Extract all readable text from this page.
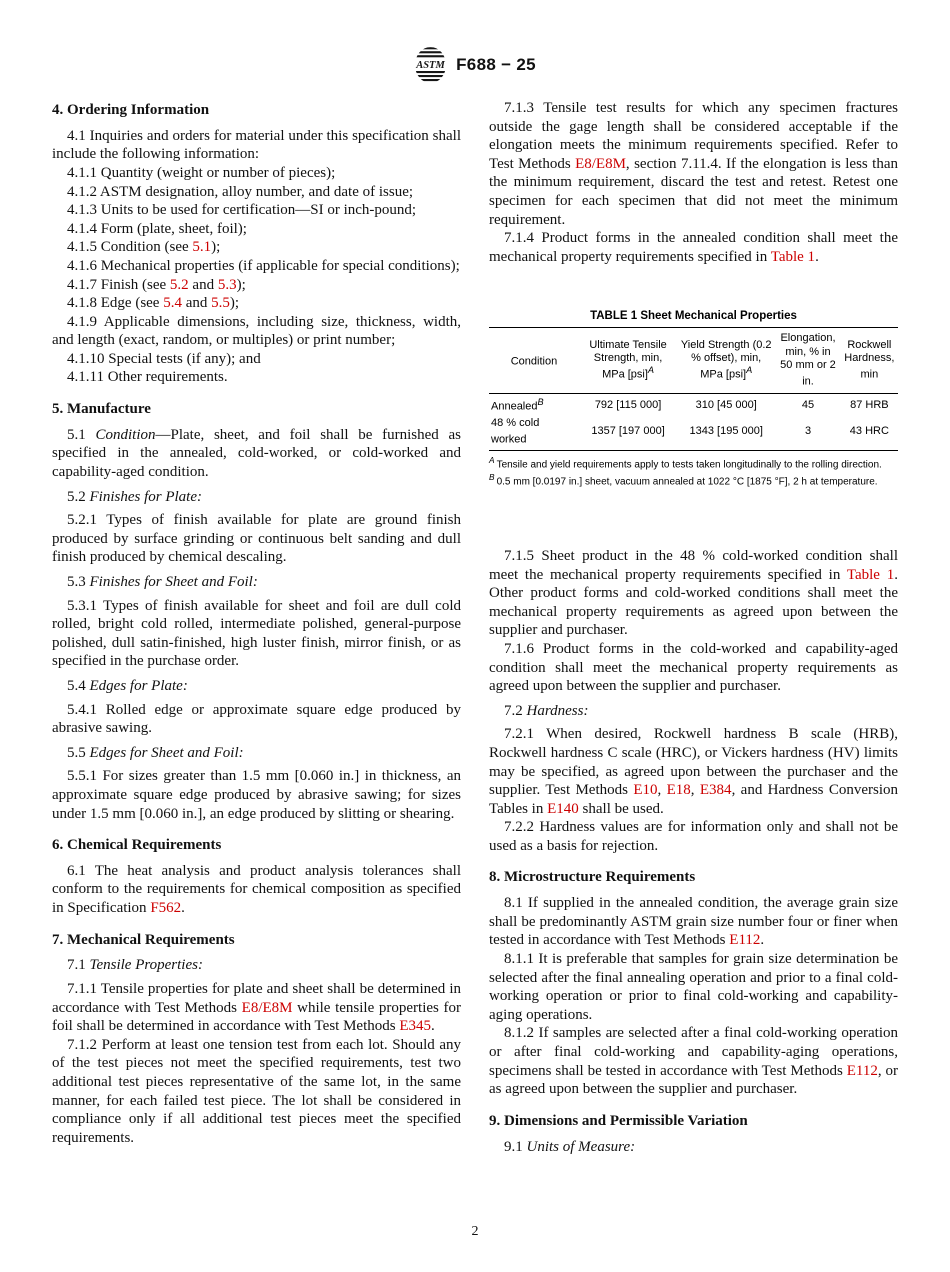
ASTM F688 − 25
4. Ordering Information

4.1 Inquiries and orders for material under this specification shall include the following information:

4.1.1 Quantity (weight or number of pieces);

4.1.2 ASTM designation, alloy number, and date of issue;

4.1.3 Units to be used for certification—SI or inch-pound;

4.1.4 Form (plate, sheet, foil);

4.1.5 Condition (see 5.1);

4.1.6 Mechanical properties (if applicable for special conditions);

4.1.7 Finish (see 5.2 and 5.3);

4.1.8 Edge (see 5.4 and 5.5);

4.1.9 Applicable dimensions, including size, thickness, width, and length (exact, random, or multiples) or print number;

4.1.10 Special tests (if any); and

4.1.11 Other requirements.

5. Manufacture

5.1 Condition—Plate, sheet, and foil shall be furnished as specified in the annealed, cold-worked, or cold-worked and capability-aged condition.

5.2 Finishes for Plate:

5.2.1 Types of finish available for plate are ground finish produced by surface grinding or continuous belt sanding and dull finish produced by chemical descaling.

5.3 Finishes for Sheet and Foil:

5.3.1 Types of finish available for sheet and foil are dull cold rolled, bright cold rolled, intermediate polished, general-purpose polished, dull satin-finished, high luster finish, mirror finish, or as specified in the purchase order.

5.4 Edges for Plate:

5.4.1 Rolled edge or approximate square edge produced by abrasive sawing.

5.5 Edges for Sheet and Foil:

5.5.1 For sizes greater than 1.5 mm [0.060 in.] in thickness, an approximate square edge produced by abrasive sawing; for sizes under 1.5 mm [0.060 in.], an edge produced by slitting or shearing.

6. Chemical Requirements

6.1 The heat analysis and product analysis tolerances shall conform to the requirements for chemical composition as specified in Specification F562.

7. Mechanical Requirements

7.1 Tensile Properties:

7.1.1 Tensile properties for plate and sheet shall be determined in accordance with Test Methods E8/E8M while tensile properties for foil shall be determined in accordance with Test Methods E345.

7.1.2 Perform at least one tension test from each lot. Should any of the test pieces not meet the specified requirements, test two additional test pieces representative of the same lot, in the same manner, for each failed test piece. The lot shall be considered in compliance only if all additional test pieces meet the specified requirements.

7.1.3 Tensile test results for which any specimen fractures outside the gage length shall be considered acceptable if the elongation meets the minimum requirements specified. Refer to Test Methods E8/E8M, section 7.11.4. If the elongation is less than the minimum requirement, discard the test and retest. Retest one specimen for each specimen that did not meet the minimum requirement.

7.1.4 Product forms in the annealed condition shall meet the mechanical property requirements specified in Table 1.

TABLE 1 Sheet Mechanical Properties
Condition	Ultimate Tensile Strength, min, MPa [psi]$^A$	Yield Strength (0.2 % offset), min, MPa [psi]$^A$	Elongation, min, % in 50 mm or 2 in.	Rockwell Hardness, min
Annealed$^B$	792 [115 000]	310 [45 000]	45	87 HRB
48 % cold worked	1357 [197 000]	1343 [195 000]	3	43 HRC
$^A$ Tensile and yield requirements apply to tests taken longitudinally to the rolling direction.
$^B$ 0.5 mm [0.0197 in.] sheet, vacuum annealed at 1022 °C [1875 °F], 2 h at temperature.

7.1.5 Sheet product in the 48 % cold-worked condition shall meet the mechanical property requirements specified in Table 1. Other product forms and cold-worked conditions shall meet the mechanical property requirements as agreed upon between the supplier and purchaser.

7.1.6 Product forms in the cold-worked and capability-aged condition shall meet the mechanical property requirements as agreed upon between the supplier and purchaser.

7.2 Hardness:

7.2.1 When desired, Rockwell hardness B scale (HRB), Rockwell hardness C scale (HRC), or Vickers hardness (HV) limits may be specified, as agreed upon between the purchaser and the supplier. Test Methods E10, E18, E384, and Hardness Conversion Tables in E140 shall be used.

7.2.2 Hardness values are for information only and shall not be used as a basis for rejection.

8. Microstructure Requirements

8.1 If supplied in the annealed condition, the average grain size shall be predominantly ASTM grain size number four or finer when tested in accordance with Test Methods E112.

8.1.1 It is preferable that samples for grain size determination be selected after the final annealing operation and prior to a final cold-working operation or prior to final cold-working and capability-aging operations.

8.1.2 If samples are selected after a final cold-working operation or after final cold-working and capability-aging operations, specimens shall be tested in accordance with Test Methods E112, or as agreed upon between the supplier and purchaser.

9. Dimensions and Permissible Variation

9.1 Units of Measure:

2
